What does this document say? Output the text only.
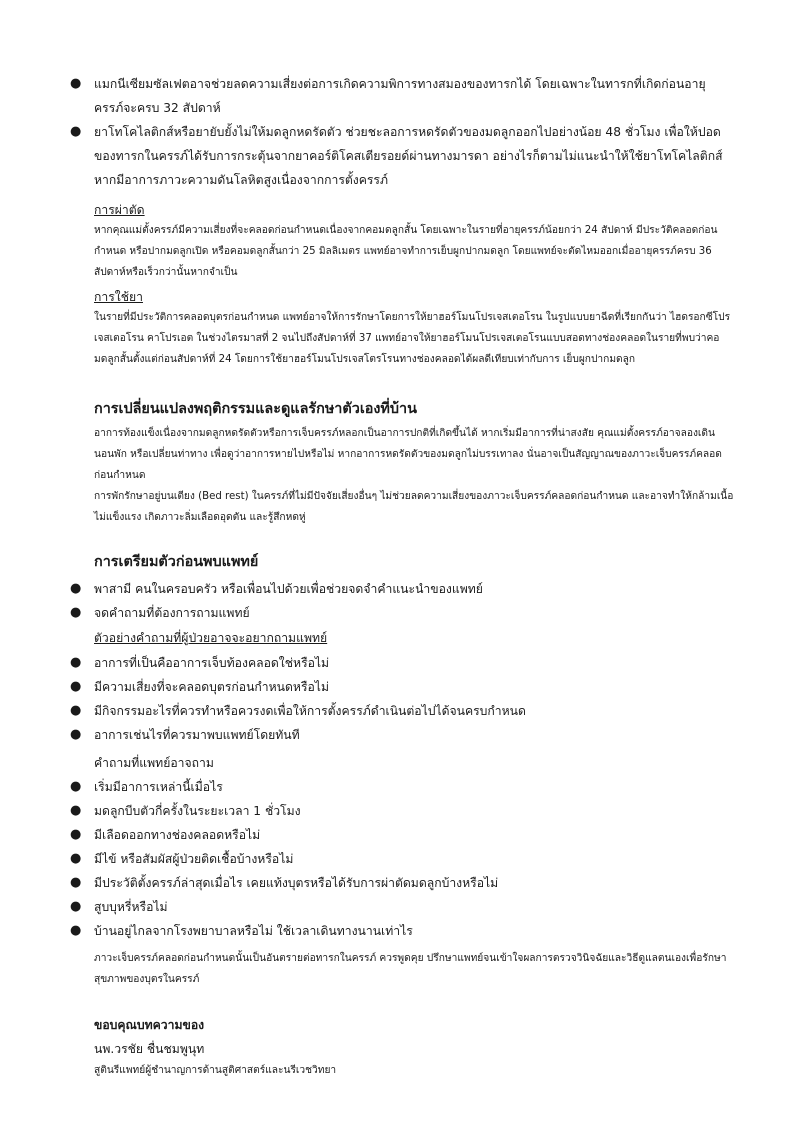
● แมกนีเซียมซัลเฟตอาจช่วยลดความเสี่ยงต่อการเกิดความพิการทางสมองของทารกได้ โดยเฉพาะในทารกที่เกิดก่อนอายุครรภ์จะครบ 32 สัปดาห์
● ยาโทโคไลติกส์หรือยายับยั้งไม่ให้มดลูกหดรัดตัว ช่วยชะลอการหดรัดตัวของมดลูกออกไปอย่างน้อย 48 ชั่วโมง เพื่อให้ปอดของทารกในครรภ์ได้รับการกระตุ้นจากยาคอร์ติโคสเตียรอยด์ผ่านทางมารดา อย่างไรก็ตามไม่แนะนำให้ใช้ยาโทโคไลติกส์หากมีอาการภาวะความดันโลหิตสูงเนื่องจากการตั้งครรภ์

การผ่าตัด

หากคุณแม่ตั้งครรภ์มีความเสี่ยงที่จะคลอดก่อนกำหนดเนื่องจากคอมดลูกสั้น โดยเฉพาะในรายที่อายุครรภ์น้อยกว่า 24 สัปดาห์ มีประวัติคลอดก่อนกำหนด หรือปากมดลูกเปิด หรือคอมดลูกสั้นกว่า 25 มิลลิเมตร แพทย์อาจทำการเย็บผูกปากมดลูก โดยแพทย์จะตัดไหมออกเมื่ออายุครรภ์ครบ 36 สัปดาห์หรือเร็วกว่านั้นหากจำเป็น

การใช้ยา

ในรายที่มีประวัติการคลอดบุตรก่อนกำหนด แพทย์อาจให้การรักษาโดยการให้ยาฮอร์โมนโปรเจสเตอโรน ในรูปแบบยาฉีดที่เรียกกันว่า ไฮดรอกซีโปรเจสเตอโรน คาโปรเอต ในช่วงไตรมาสที่ 2 จนไปถึงสัปดาห์ที่ 37 แพทย์อาจให้ยาฮอร์โมนโปรเจสเตอโรนแบบสอดทางช่องคลอดในรายที่พบว่าคอมดลูกสั้นตั้งแต่ก่อนสัปดาห์ที่ 24 โดยการใช้ยาฮอร์โมนโปรเจสโตรโรนทางช่องคลอดได้ผลดีเทียบเท่ากับการ เย็บผูกปากมดลูก

การเปลี่ยนแปลงพฤติกรรมและดูแลรักษาตัวเองที่บ้าน

อาการท้องแข็งเนื่องจากมดลูกหดรัดตัวหรือการเจ็บครรภ์หลอกเป็นอาการปกติที่เกิดขึ้นได้ หากเริ่มมีอาการที่น่าสงสัย คุณแม่ตั้งครรภ์อาจลองเดินนอนพัก หรือเปลี่ยนท่าทาง เพื่อดูว่าอาการหายไปหรือไม่ หากอาการหดรัดตัวของมดลูกไม่บรรเทาลง นั่นอาจเป็นสัญญาณของภาวะเจ็บครรภ์คลอดก่อนกำหนด

การพักรักษาอยู่บนเตียง (Bed rest) ในครรภ์ที่ไม่มีปัจจัยเสี่ยงอื่นๆ ไม่ช่วยลดความเสี่ยงของภาวะเจ็บครรภ์คลอดก่อนกำหนด และอาจทำให้กล้ามเนื้อไม่แข็งแรง เกิดภาวะลิ่มเลือดอุดตัน และรู้สึกหดหู่

การเตรียมตัวก่อนพบแพทย์

● พาสามี คนในครอบครัว หรือเพื่อนไปด้วยเพื่อช่วยจดจำคำแนะนำของแพทย์
● จดคำถามที่ต้องการถามแพทย์

ตัวอย่างคำถามที่ผู้ป่วยอาจจะอยากถามแพทย์

● อาการที่เป็นคืออาการเจ็บท้องคลอดใช่หรือไม่
● มีความเสี่ยงที่จะคลอดบุตรก่อนกำหนดหรือไม่
● มีกิจกรรมอะไรที่ควรทำหรือควรงดเพื่อให้การตั้งครรภ์ดำเนินต่อไปได้จนครบกำหนด
● อาการเช่นไรที่ควรมาพบแพทย์โดยทันที

คำถามที่แพทย์อาจถาม

● เริ่มมีอาการเหล่านี้เมื่อไร
● มดลูกบีบตัวกี่ครั้งในระยะเวลา 1 ชั่วโมง
● มีเลือดออกทางช่องคลอดหรือไม่
● มีไข้ หรือสัมผัสผู้ป่วยติดเชื้อบ้างหรือไม่
● มีประวัติตั้งครรภ์ล่าสุดเมื่อไร เคยแท้งบุตรหรือได้รับการผ่าตัดมดลูกบ้างหรือไม่
● สูบบุหรี่หรือไม่
● บ้านอยู่ไกลจากโรงพยาบาลหรือไม่ ใช้เวลาเดินทางนานเท่าไร

ภาวะเจ็บครรภ์คลอดก่อนกำหนดนั้นเป็นอันตรายต่อทารกในครรภ์ ควรพูดคุย ปรึกษาแพทย์จนเข้าใจผลการตรวจวินิจฉัยและวิธีดูแลตนเองเพื่อรักษาสุขภาพของบุตรในครรภ์

ขอบคุณบทความของ

นพ.วรชัย ชื่นชมพูนุท

สูตินรีแพทย์ผู้ชำนาญการด้านสูติศาสตร์และนรีเวชวิทยา
